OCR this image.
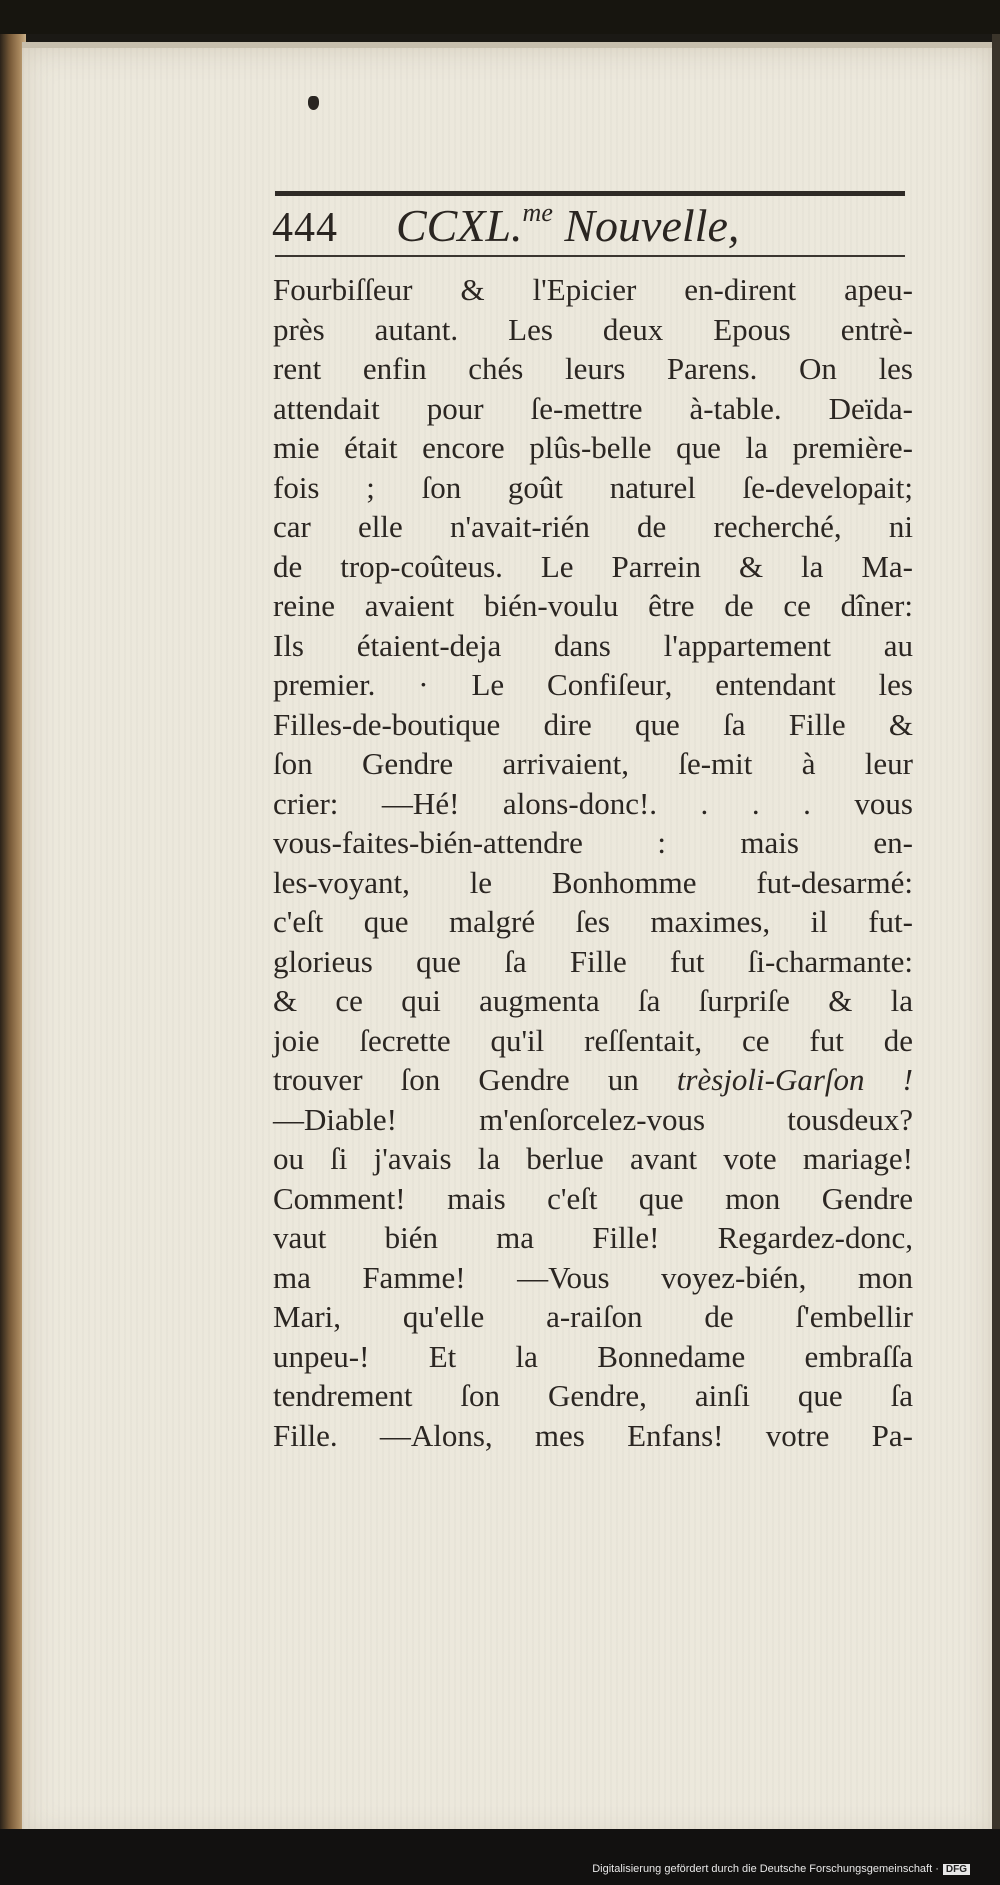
444 CCXL.$^{me}$ Nouvelle,
Fourbiſſeur & l'Epicier en-dirent apeu-
près autant. Les deux Epous entrè-
rent enfin chés leurs Parens. On les
attendait pour ſe-mettre à-table. Deïda-
mie était encore plûs-belle que la première-
fois ; ſon goût naturel ſe-developait;
car elle n'avait-rién de recherché, ni
de trop-coûteus. Le Parrein & la Ma-
reine avaient bién-voulu être de ce dîner:
Ils étaient-deja dans l'appartement au
premier. · Le Confiſeur, entendant les
Filles-de-boutique dire que ſa Fille &
ſon Gendre arrivaient, ſe-mit à leur
crier: —Hé! alons-donc!. . . . vous
vous-faites-bién-attendre : mais en-
les-voyant, le Bonhomme fut-desarmé:
c'eſt que malgré ſes maximes, il fut-
glorieus que ſa Fille fut ſi-charmante:
& ce qui augmenta ſa ſurpriſe & la
joie ſecrette qu'il reſſentait, ce fut de
trouver ſon Gendre un trèsjoli-Garſon !
—Diable! m'enſorcelez-vous tousdeux?
ou ſi j'avais la berlue avant vote mariage!
Comment! mais c'eſt que mon Gendre
vaut bién ma Fille! Regardez-donc,
ma Famme! —Vous voyez-bién, mon
Mari, qu'elle a-raiſon de ſ'embellir
unpeu-! Et la Bonnedame embraſſa
tendrement ſon Gendre, ainſi que ſa
Fille. —Alons, mes Enfans! votre Pa-
Digitalisierung gefördert durch die Deutsche Forschungsgemeinschaft · DFG
